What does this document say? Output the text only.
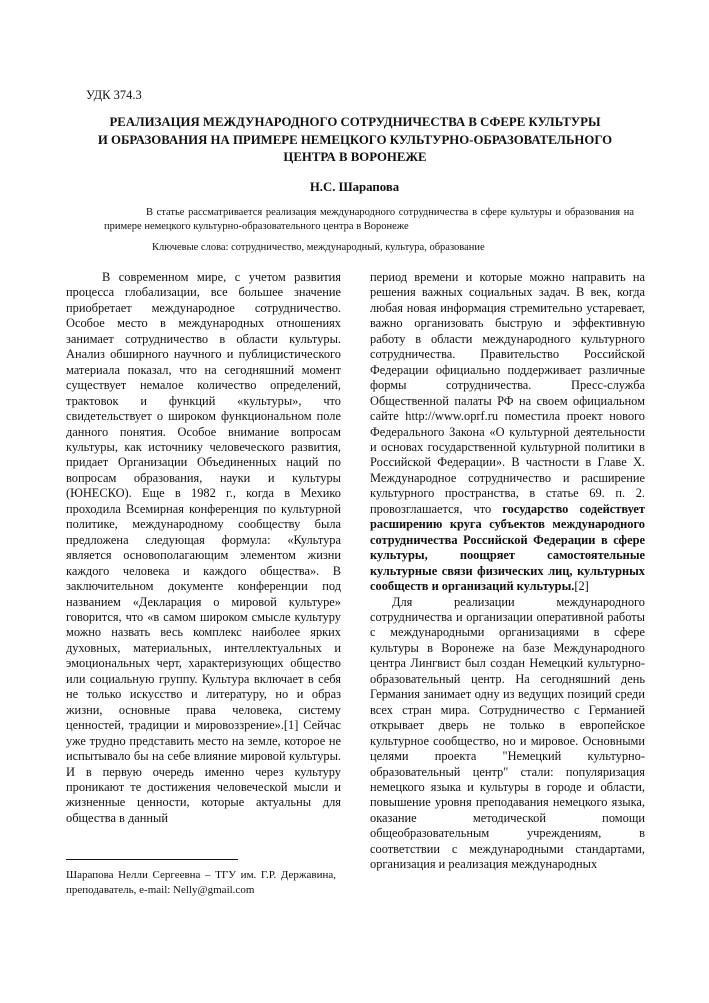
УДК 374.3
РЕАЛИЗАЦИЯ МЕЖДУНАРОДНОГО СОТРУДНИЧЕСТВА В СФЕРЕ КУЛЬТУРЫ
И ОБРАЗОВАНИЯ НА ПРИМЕРЕ НЕМЕЦКОГО КУЛЬТУРНО-ОБРАЗОВАТЕЛЬНОГО
ЦЕНТРА В ВОРОНЕЖЕ
Н.С. Шарапова
В статье рассматривается реализация международного сотрудничества в сфере культуры и образования на примере немецкого культурно-образовательного центра в Воронеже
Ключевые слова: сотрудничество, международный, культура, образование

В современном мире, с учетом развития процесса глобализации, все большее значение приобретает международное сотрудничество. Особое место в международных отношениях занимает сотрудничество в области культуры. Анализ обширного научного и публицистического материала показал, что на сегодняшний момент существует немалое количество определений, трактовок и функций «культуры», что свидетельствует о широком функциональном поле данного понятия. Особое внимание вопросам культуры, как источнику человеческого развития, придает Организации Объединенных наций по вопросам образования, науки и культуры (ЮНЕСКО). Еще в 1982 г., когда в Мехико проходила Всемирная конференция по культурной политике, международному сообществу была предложена следующая формула: «Культура является основополагающим элементом жизни каждого человека и каждого общества». В заключительном документе конференции под названием «Декларация о мировой культуре» говорится, что «в самом широком смысле культуру можно назвать весь комплекс наиболее ярких духовных, материальных, интеллектуальных и эмоциональных черт, характеризующих общество или социальную группу. Культура включает в себя не только искусство и литературу, но и образ жизни, основные права человека, систему ценностей, традиции и мировоззрение».[1] Сейчас уже трудно представить место на земле, которое не испытывало бы на себе влияние мировой культуры. И в первую очередь именно через культуру проникают те достижения человеческой мысли и жизненные ценности, которые актуальны для общества в данный

период времени и которые можно направить на решения важных социальных задач. В век, когда любая новая информация стремительно устаревает, важно организовать быструю и эффективную работу в области международного культурного сотрудничества. Правительство Российской Федерации официально поддерживает различные формы сотрудничества. Пресс-служба Общественной палаты РФ на своем официальном сайте http://www.oprf.ru поместила проект нового Федерального Закона «О культурной деятельности и основах государственной культурной политики в Российской Федерации». В частности в Главе X. Международное сотрудничество и расширение культурного пространства, в статье 69. п. 2. провозглашается, что государство содействует расширению круга субъектов международного сотрудничества Российской Федерации в сфере культуры, поощряет самостоятельные культурные связи физических лиц, культурных сообществ и организаций культуры.[2]

Для реализации международного сотрудничества и организации оперативной работы с международными организациями в сфере культуры в Воронеже на базе Международного центра Лингвист был создан Немецкий культурно-образовательный центр. На сегодняшний день Германия занимает одну из ведущих позиций среди всех стран мира. Сотрудничество с Германией открывает дверь не только в европейское культурное сообщество, но и мировое. Основными целями проекта "Немецкий культурно-образовательный центр" стали: популяризация немецкого языка и культуры в городе и области, повышение уровня преподавания немецкого языка, оказание методической помощи общеобразовательным учреждениям, в соответствии с международными стандартами, организация и реализация международных

Шарапова Нелли Сергеевна – ТГУ им. Г.Р. Державина, преподаватель, e-mail: Nelly@gmail.com
